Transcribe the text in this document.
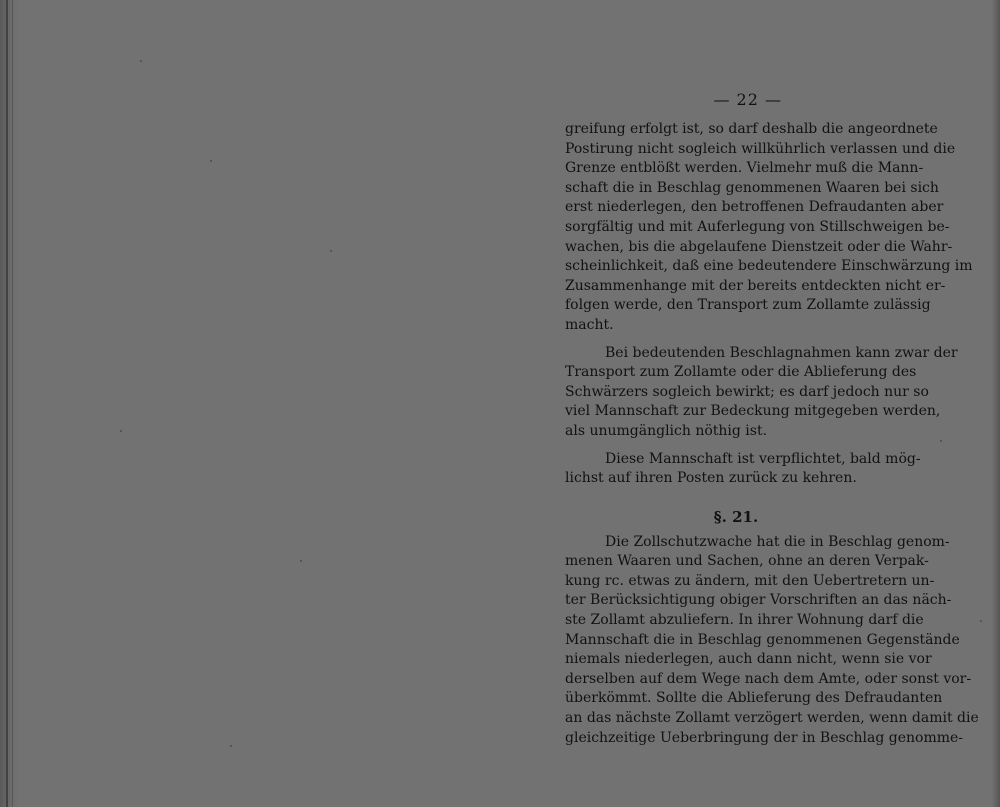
— 22 —
greifung erfolgt ist, so darf deshalb die angeordnete
Postirung nicht sogleich willkührlich verlassen und die
Grenze entblößt werden. Vielmehr muß die Mann-
schaft die in Beschlag genommenen Waaren bei sich
erst niederlegen, den betroffenen Defraudanten aber
sorgfältig und mit Auferlegung von Stillschweigen be-
wachen, bis die abgelaufene Dienstzeit oder die Wahr-
scheinlichkeit, daß eine bedeutendere Einschwärzung im
Zusammenhange mit der bereits entdeckten nicht er-
folgen werde, den Transport zum Zollamte zulässig
macht.
Bei bedeutenden Beschlagnahmen kann zwar der
Transport zum Zollamte oder die Ablieferung des
Schwärzers sogleich bewirkt; es darf jedoch nur so
viel Mannschaft zur Bedeckung mitgegeben werden,
als unumgänglich nöthig ist.
Diese Mannschaft ist verpflichtet, bald mög-
lichst auf ihren Posten zurück zu kehren.
§. 21.
Die Zollschutzwache hat die in Beschlag genom-
menen Waaren und Sachen, ohne an deren Verpak-
kung rc. etwas zu ändern, mit den Uebertretern un-
ter Berücksichtigung obiger Vorschriften an das näch-
ste Zollamt abzuliefern. In ihrer Wohnung darf die
Mannschaft die in Beschlag genommenen Gegenstände
niemals niederlegen, auch dann nicht, wenn sie vor
derselben auf dem Wege nach dem Amte, oder sonst vor-
überkömmt. Sollte die Ablieferung des Defraudanten
an das nächste Zollamt verzögert werden, wenn damit die
gleichzeitige Ueberbringung der in Beschlag genomme-
